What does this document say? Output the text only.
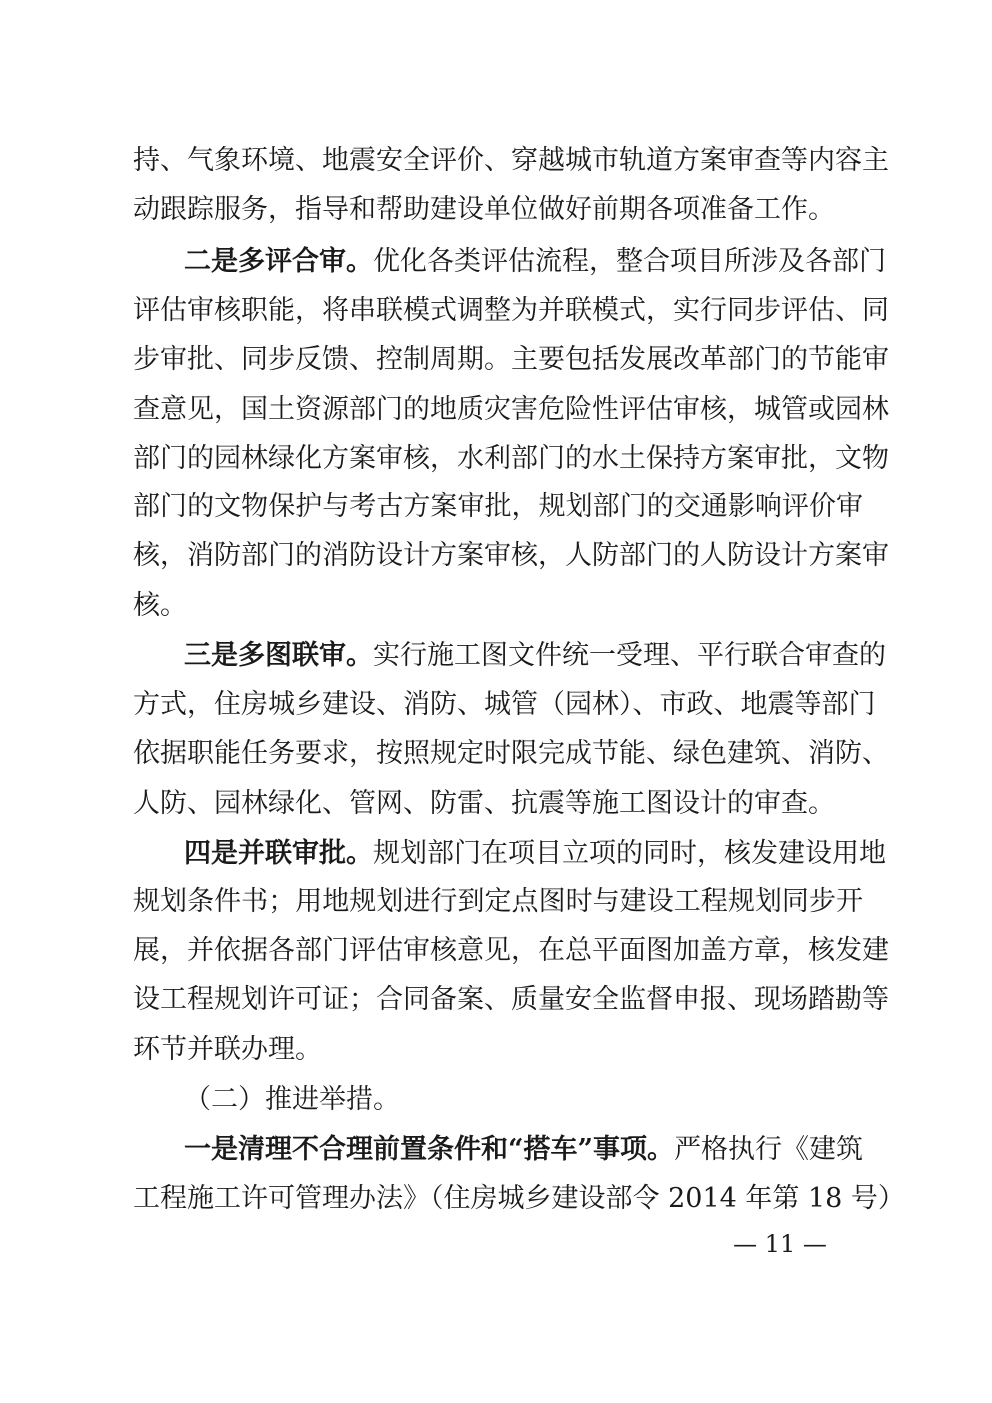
持、气象环境、地震安全评价、穿越城市轨道方案审查等内容主
动跟踪服务，指导和帮助建设单位做好前期各项准备工作。
二是多评合审。优化各类评估流程，整合项目所涉及各部门
评估审核职能，将串联模式调整为并联模式，实行同步评估、同
步审批、同步反馈、控制周期。主要包括发展改革部门的节能审
查意见，国土资源部门的地质灾害危险性评估审核，城管或园林
部门的园林绿化方案审核，水利部门的水土保持方案审批，文物
部门的文物保护与考古方案审批，规划部门的交通影响评价审
核，消防部门的消防设计方案审核，人防部门的人防设计方案审
核。
三是多图联审。实行施工图文件统一受理、平行联合审查的
方式，住房城乡建设、消防、城管（园林）、市政、地震等部门
依据职能任务要求，按照规定时限完成节能、绿色建筑、消防、
人防、园林绿化、管网、防雷、抗震等施工图设计的审查。
四是并联审批。规划部门在项目立项的同时，核发建设用地
规划条件书；用地规划进行到定点图时与建设工程规划同步开
展，并依据各部门评估审核意见，在总平面图加盖方章，核发建
设工程规划许可证；合同备案、质量安全监督申报、现场踏勘等
环节并联办理。
（二）推进举措。
一是清理不合理前置条件和“搭车”事项。严格执行《建筑
工程施工许可管理办法》（住房城乡建设部令 2014 年第 18 号）
— 11 —
